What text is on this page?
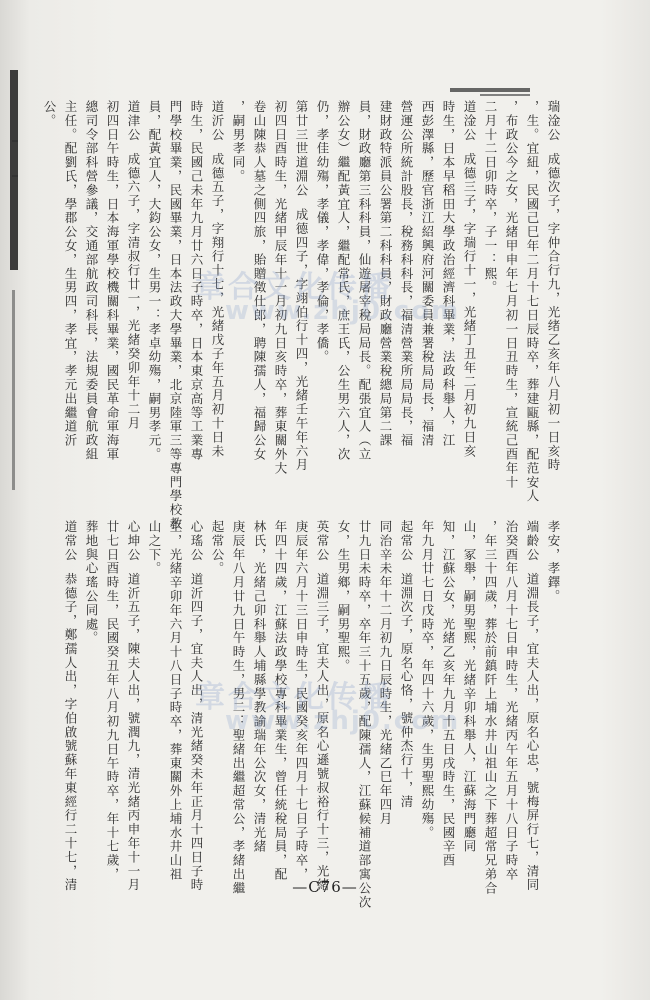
瑞淦公  成德次子，字仲合行九，光绪乙亥年八月初一日亥時
，生。宜紐，民國己巳年二月十七日辰時卒，葬建甌縣，配范安人
，布政公今之女，光緒甲申年七月初一日丑時生，宣統己酉年十
二月十二日卯時卒，子一：熙。
道淦公  成德三子，字瑞行十一，光緒丁丑年二月初九日亥
時生，日本早稻田大學政治經濟科畢業，法政科舉人，江
西彭澤縣，歷官浙江紹興府河關委員兼署稅局局長，福清
營運公所統計股長，稅務科科長，福清營業所局局長，福
建財政特派員公署第二科科員，財政廳營業稅總局第二課
員，財政廳第三科科員，仙遊屠宰稅局局長。配張宜人（立
辦公女）繼配黃宜人，繼配常氏，庶王氏，公生男六人，次
仍，孝佳幼殤，孝儀，孝偉，孝倫，孝僑。
第廿三世道淵公  成德四子，字翊伯行十四，光緒壬午年六月
初四日酉時生，光緒甲辰年十一月初九日亥時卒，葬東關外大
卷山陳恭人墓之側四旅，貽贈徵仕郎，聘陳孺人，福歸公女
，嗣男孝同。
道沂公  成德五子，字翔行十七，光緒戊子年五月初十日未
時生，民國己未年九月廿六日子時卒，日本東京高等工業專
門學校畢業，民國畢業，日本法政大學畢業，北京陸軍三等專門學校教
員，配黃宜人，大鈞公女，生男一：孝卓幼殤，嗣男孝元。
道津公  成德六子，字清叔行廿一，光緒癸卯年十二月
初四日午時生，日本海軍學校機關科畢業，國民革命軍海軍
總司令部科營參議，交通部航政司科長，法規委員會航政組
主任。配劉氏，學郡公女，生男四，孝宜，孝元出繼道沂
公。
孝安，孝鐸。
端齡公  道淵長子，宜夫人出，原名心忠，號梅屏行七，清同
治癸酉年八月十七日申時生，光緒丙午年五月十八日子時卒
，年三十四歲，葬於前鎮阡上埔水井山祖山之下葬超常兄弟合
山，冢舉，嗣男聖熙，光緒辛卯科舉人，江蘇海門廳同
知，江蘇公女，光緒乙亥年九月十五日戌時生，民國辛酉
年九月廿七日戊時卒，年四十六歲，生男聖熙幼殤。
起常公  道淵次子，原名心恪，號仲杰行十，清
同治辛未年十二月初九日辰時生，光緒乙巳年四月
廿九日未時卒，卒年三十五歲，配陳孺人，江蘇候補道部寓公次
女，生男鄉，嗣男聖熙。
英常公  道淵三子，宜夫人出，原名心遜號叔裕行十三，光緒
庚辰年六月十三日申時生，民國癸亥年四月十七日子時卒，
年四十四歲，江蘇法政學校專科畢業生，曾任統稅局員，配
林氏，光緒己卯科舉人埔縣學教諭瑞年公次女，清光緒
庚辰年八月廿九日午時生，男二：聖緒出繼超常公，孝緒出繼
起常公。
心瑤公  道沂四子，宜夫人出，清光緒癸未年正月十四日子時
生，光緒辛卯年六月十八日子時卒，葬東關外上埔水井山祖
山之下。
心坤公  道沂五子，陳夫人出，號潤九，清光緒丙申年十一月
廿七日酉時生，民國癸丑年八月初九日午時卒，年十七歲，
葬地與心瑤公同處。
道常公  恭德子，鄭孺人出，字伯啟號蘇年東經行二十七，清
章合文化传播
www.zhj0.com
章合文化传播
www.zhj0.com
—C76—
